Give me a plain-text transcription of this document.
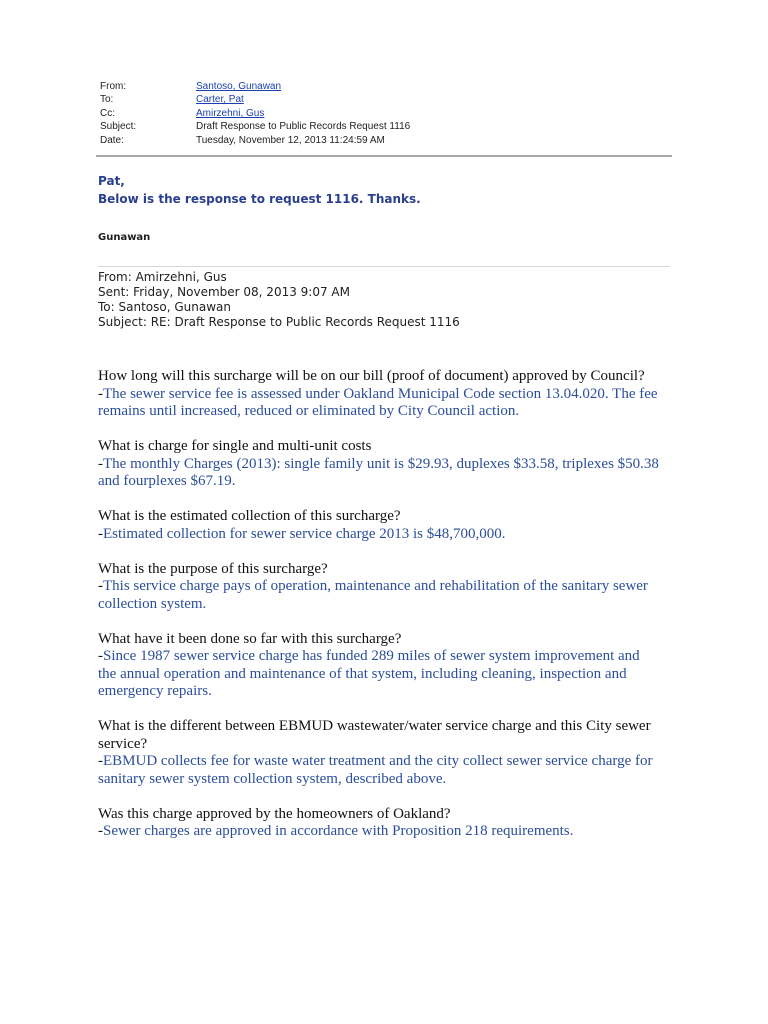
From:	Santoso, Gunawan
To:	Carter, Pat
Cc:	Amirzehni, Gus
Subject:	Draft Response to Public Records Request 1116
Date:	Tuesday, November 12, 2013 11:24:59 AM
Pat,
Below is the response to request 1116. Thanks.
Gunawan
From: Amirzehni, Gus
Sent: Friday, November 08, 2013 9:07 AM
To: Santoso, Gunawan
Subject: RE: Draft Response to Public Records Request 1116
How long will this surcharge will be on our bill (proof of document) approved by Council?
-The sewer service fee is assessed under Oakland Municipal Code section 13.04.020. The fee
remains until increased, reduced or eliminated by City Council action.
What is charge for single and multi-unit costs
-The monthly Charges (2013): single family unit is $29.93, duplexes $33.58, triplexes $50.38
and fourplexes $67.19.
What is the estimated collection of this surcharge?
-Estimated collection for sewer service charge 2013 is $48,700,000.
What is the purpose of this surcharge?
-This service charge pays of operation, maintenance and rehabilitation of the sanitary sewer
collection system.
What have it been done so far with this surcharge?
-Since 1987 sewer service charge has funded 289 miles of sewer system improvement and
the annual operation and maintenance of that system, including cleaning, inspection and
emergency repairs.
What is the different between EBMUD wastewater/water service charge and this City sewer
service?
-EBMUD collects fee for waste water treatment and the city collect sewer service charge for
sanitary sewer system collection system, described above.
Was this charge approved by the homeowners of Oakland?
-Sewer charges are approved in accordance with Proposition 218 requirements.
